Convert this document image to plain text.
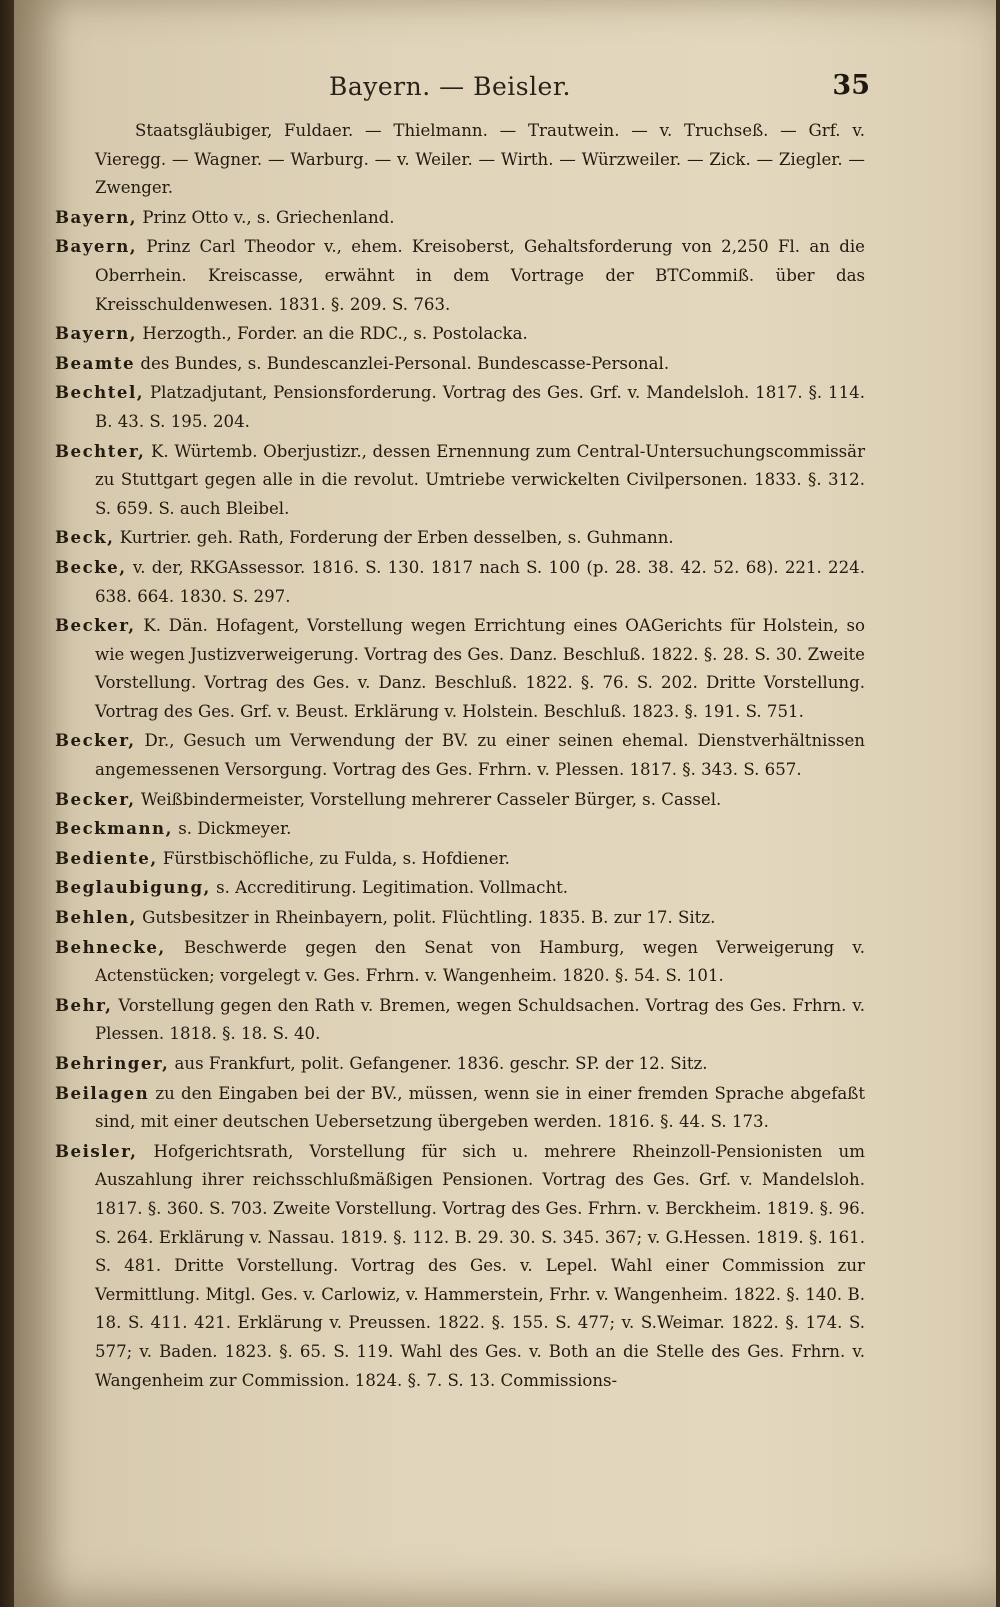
Bayern. — Beisler.	35

Staatsgläubiger, Fuldaer. — Thielmann. — Trautwein. — v. Truchseß. — Grf. v. Vieregg. — Wagner. — Warburg. — v. Weiler. — Wirth. — Würzweiler. — Zick. — Ziegler. — Zwenger.

Bayern, Prinz Otto v., s. Griechenland.

Bayern, Prinz Carl Theodor v., ehem. Kreisoberst, Gehaltsforderung von 2,250 Fl. an die Oberrhein. Kreiscasse, erwähnt in dem Vortrage der BTCommiß. über das Kreisschuldenwesen. 1831. §. 209. S. 763.

Bayern, Herzogth., Forder. an die RDC., s. Postolacka.

Beamte des Bundes, s. Bundescanzlei-Personal. Bundescasse-Personal.

Bechtel, Platzadjutant, Pensionsforderung. Vortrag des Ges. Grf. v. Mandelsloh. 1817. §. 114. B. 43. S. 195. 204.

Bechter, K. Würtemb. Oberjustizr., dessen Ernennung zum Central-Untersuchungscommissär zu Stuttgart gegen alle in die revolut. Umtriebe verwickelten Civilpersonen. 1833. §. 312. S. 659. S. auch Bleibel.

Beck, Kurtrier. geh. Rath, Forderung der Erben desselben, s. Guhmann.

Becke, v. der, RKGAssessor. 1816. S. 130. 1817 nach S. 100 (p. 28. 38. 42. 52. 68). 221. 224. 638. 664. 1830. S. 297.

Becker, K. Dän. Hofagent, Vorstellung wegen Errichtung eines OAGerichts für Holstein, so wie wegen Justizverweigerung. Vortrag des Ges. Danz. Beschluß. 1822. §. 28. S. 30. Zweite Vorstellung. Vortrag des Ges. v. Danz. Beschluß. 1822. §. 76. S. 202. Dritte Vorstellung. Vortrag des Ges. Grf. v. Beust. Erklärung v. Holstein. Beschluß. 1823. §. 191. S. 751.

Becker, Dr., Gesuch um Verwendung der BV. zu einer seinen ehemal. Dienstverhältnissen angemessenen Versorgung. Vortrag des Ges. Frhrn. v. Plessen. 1817. §. 343. S. 657.

Becker, Weißbindermeister, Vorstellung mehrerer Casseler Bürger, s. Cassel.

Beckmann, s. Dickmeyer.

Bediente, Fürstbischöfliche, zu Fulda, s. Hofdiener.

Beglaubigung, s. Accreditirung. Legitimation. Vollmacht.

Behlen, Gutsbesitzer in Rheinbayern, polit. Flüchtling. 1835. B. zur 17. Sitz.

Behnecke, Beschwerde gegen den Senat von Hamburg, wegen Verweigerung v. Actenstücken; vorgelegt v. Ges. Frhrn. v. Wangenheim. 1820. §. 54. S. 101.

Behr, Vorstellung gegen den Rath v. Bremen, wegen Schuldsachen. Vortrag des Ges. Frhrn. v. Plessen. 1818. §. 18. S. 40.

Behringer, aus Frankfurt, polit. Gefangener. 1836. geschr. SP. der 12. Sitz.

Beilagen zu den Eingaben bei der BV., müssen, wenn sie in einer fremden Sprache abgefaßt sind, mit einer deutschen Uebersetzung übergeben werden. 1816. §. 44. S. 173.

Beisler, Hofgerichtsrath, Vorstellung für sich u. mehrere Rheinzoll-Pensionisten um Auszahlung ihrer reichsschlußmäßigen Pensionen. Vortrag des Ges. Grf. v. Mandelsloh. 1817. §. 360. S. 703. Zweite Vorstellung. Vortrag des Ges. Frhrn. v. Berckheim. 1819. §. 96. S. 264. Erklärung v. Nassau. 1819. §. 112. B. 29. 30. S. 345. 367; v. G.Hessen. 1819. §. 161. S. 481. Dritte Vorstellung. Vortrag des Ges. v. Lepel. Wahl einer Commission zur Vermittlung. Mitgl. Ges. v. Carlowiz, v. Hammerstein, Frhr. v. Wangenheim. 1822. §. 140. B. 18. S. 411. 421. Erklärung v. Preussen. 1822. §. 155. S. 477; v. S.Weimar. 1822. §. 174. S. 577; v. Baden. 1823. §. 65. S. 119. Wahl des Ges. v. Both an die Stelle des Ges. Frhrn. v. Wangenheim zur Commission. 1824. §. 7. S. 13. Commissions-
